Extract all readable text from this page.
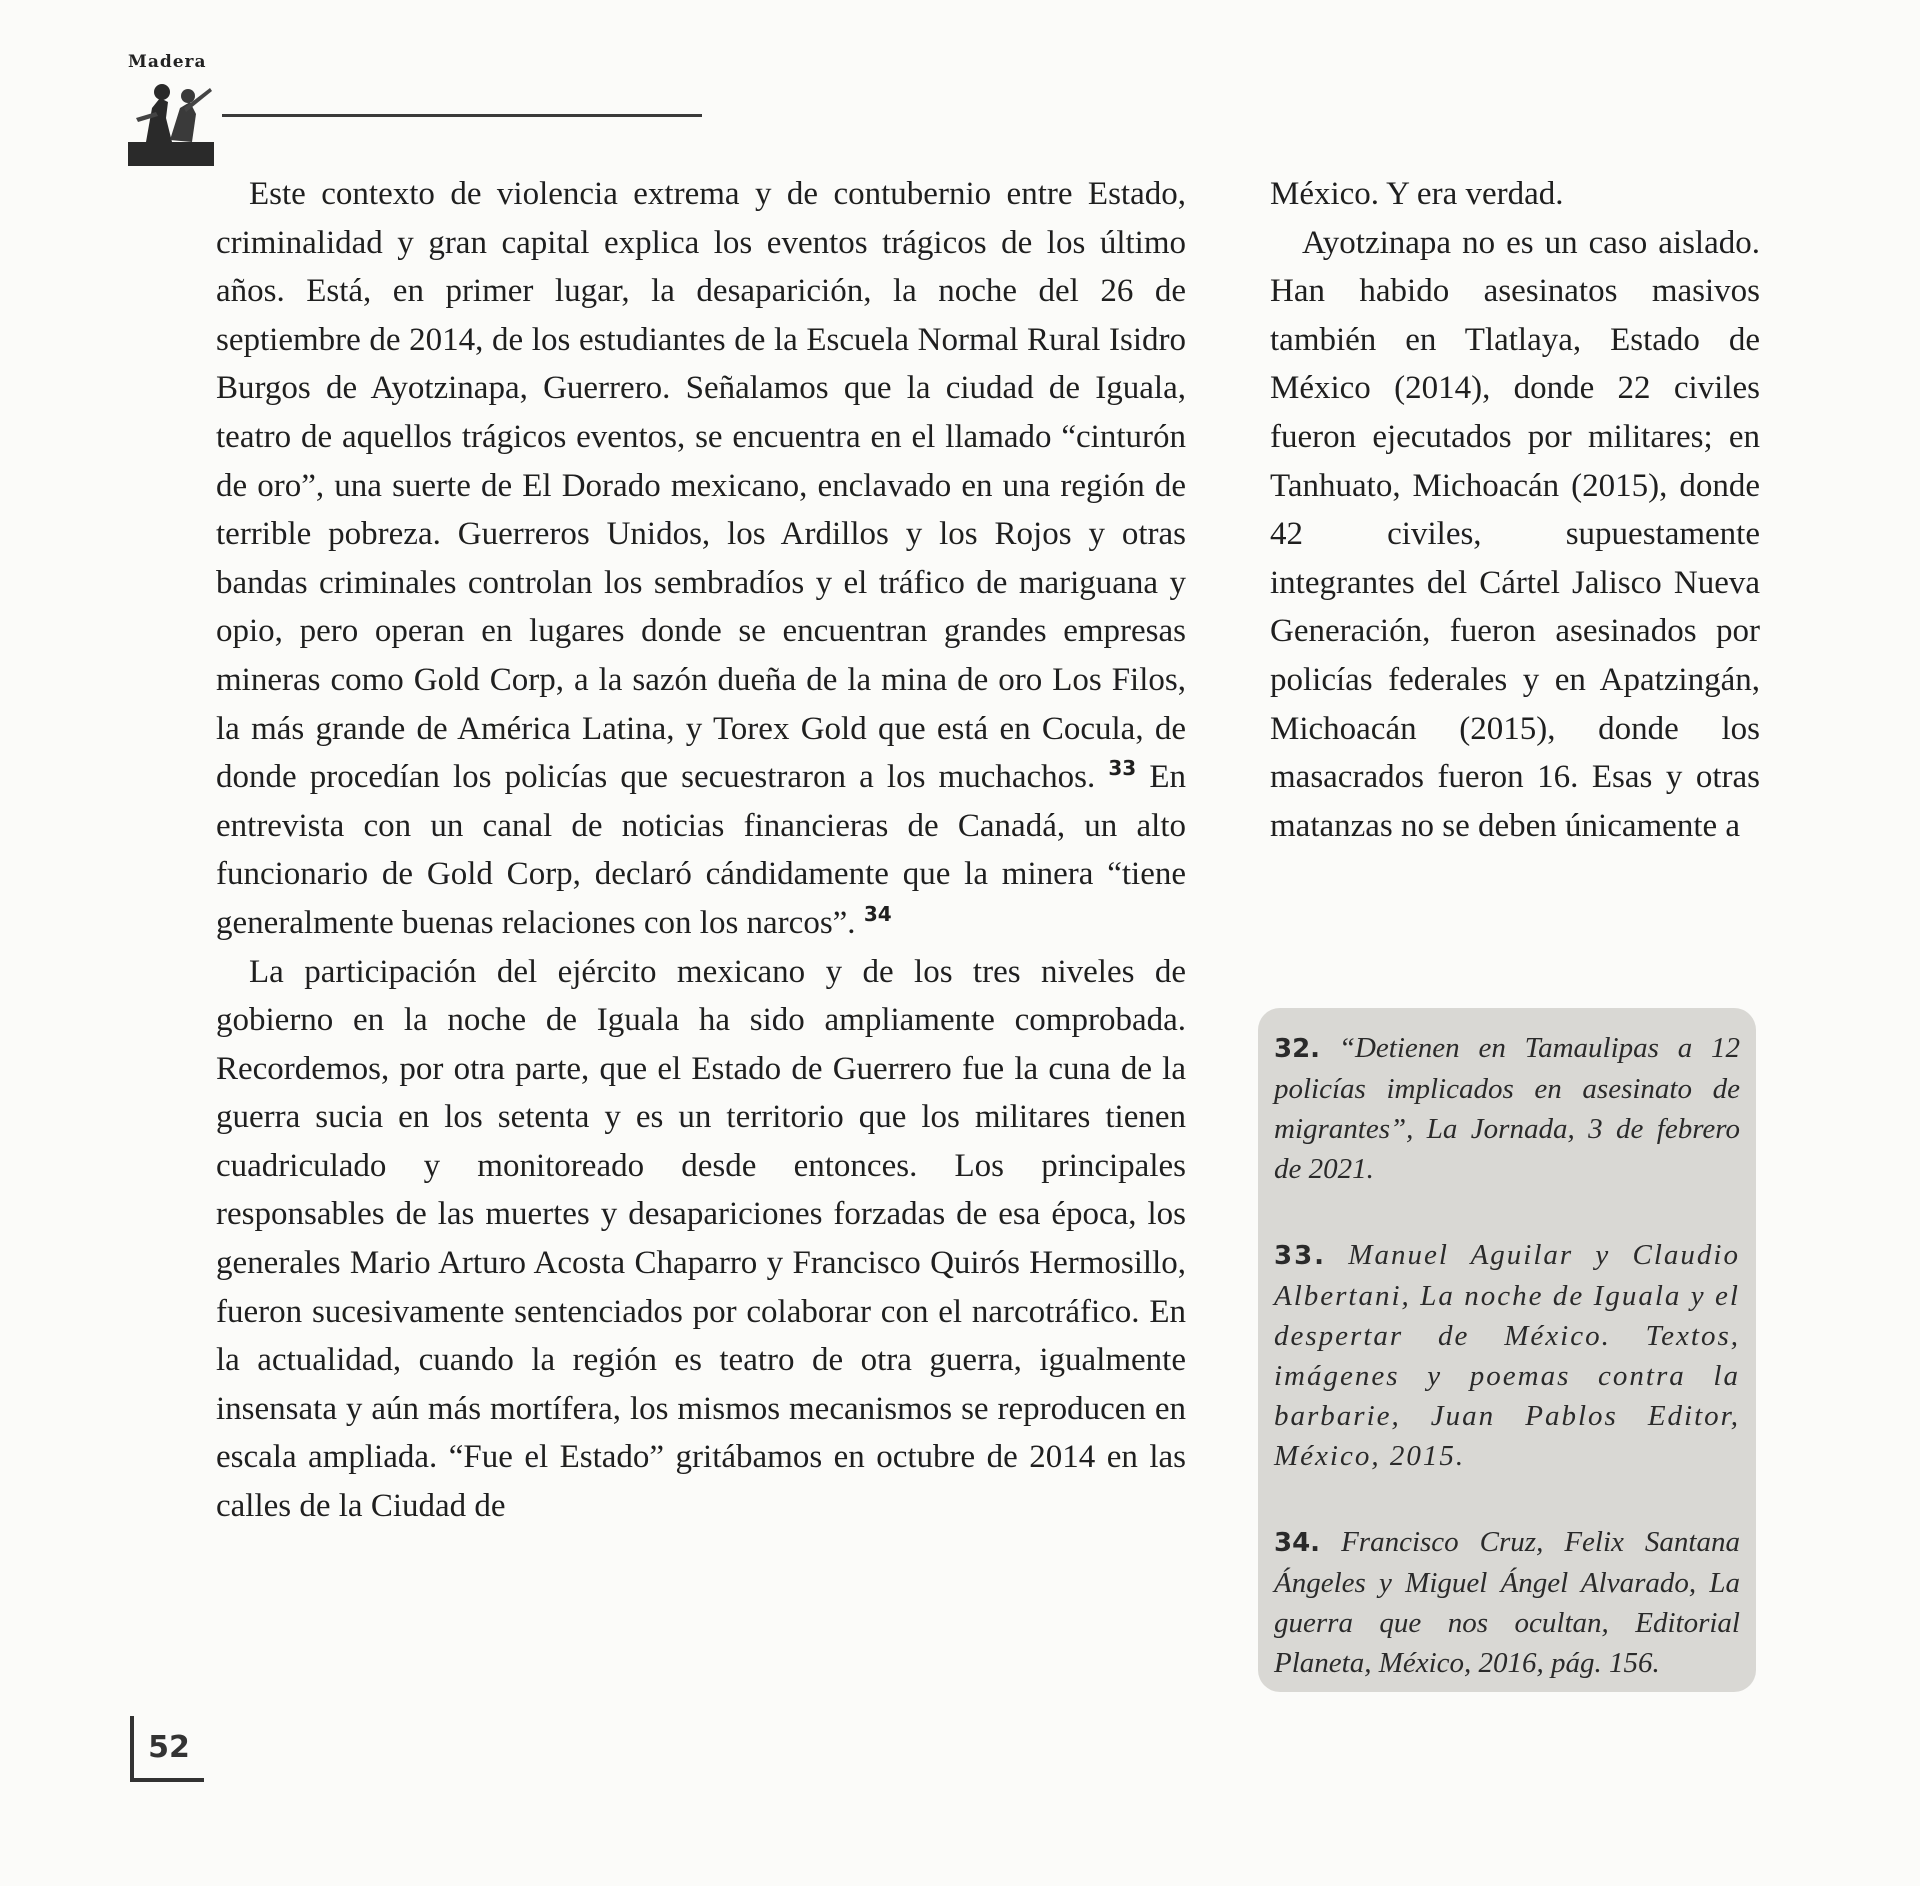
Madera

Este contexto de violencia extrema y de contubernio entre Estado, criminalidad y gran capital explica los eventos trágicos de los último años. Está, en primer lugar, la desaparición, la noche del 26 de septiembre de 2014, de los estudiantes de la Escuela Normal Rural Isidro Burgos de Ayotzinapa, Guerrero. Señalamos que la ciudad de Iguala, teatro de aquellos trágicos eventos, se encuentra en el llamado “cinturón de oro”, una suerte de El Dorado mexicano, enclavado en una región de terrible pobreza. Guerreros Unidos, los Ardillos y los Rojos y otras bandas criminales controlan los sembradíos y el tráfico de mariguana y opio, pero operan en lugares donde se encuentran grandes empresas mineras como Gold Corp, a la sazón dueña de la mina de oro Los Filos, la más grande de América Latina, y Torex Gold que está en Cocula, de donde procedían los policías que secuestraron a los muchachos. $^{33}$ En entrevista con un canal de noticias financieras de Canadá, un alto funcionario de Gold Corp, declaró cándidamente que la minera “tiene generalmente buenas relaciones con los narcos”. $^{34}$

La participación del ejército mexicano y de los tres niveles de gobierno en la noche de Iguala ha sido ampliamente comprobada. Recordemos, por otra parte, que el Estado de Guerrero fue la cuna de la guerra sucia en los setenta y es un territorio que los militares tienen cuadriculado y monitoreado desde entonces. Los principales responsables de las muertes y desapariciones forzadas de esa época, los generales Mario Arturo Acosta Chaparro y Francisco Quirós Hermosillo, fueron sucesivamente sentenciados por colaborar con el narcotráfico. En la actualidad, cuando la región es teatro de otra guerra, igualmente insensata y aún más mortífera, los mismos mecanismos se reproducen en escala ampliada. “Fue el Estado” gritábamos en octubre de 2014 en las calles de la Ciudad de

México. Y era verdad.

Ayotzinapa no es un caso aislado. Han habido asesinatos masivos también en Tlatlaya, Estado de México (2014), donde 22 civiles fueron ejecutados por militares; en Tanhuato, Michoacán (2015), donde 42 civiles, supuestamente integrantes del Cártel Jalisco Nueva Generación, fueron asesinados por policías federales y en Apatzingán, Michoacán (2015), donde los masacrados fueron 16. Esas y otras matanzas no se deben únicamente a

32. “Detienen en Tamaulipas a 12 policías implicados en asesinato de migrantes”, La Jornada, 3 de febrero de 2021.
33. Manuel Aguilar y Claudio Albertani, La noche de Iguala y el despertar de México. Textos, imágenes y poemas contra la barbarie, Juan Pablos Editor, México, 2015.
34. Francisco Cruz, Felix Santana Ángeles y Miguel Ángel Alvarado, La guerra que nos ocultan, Editorial Planeta, México, 2016, pág. 156.
52
